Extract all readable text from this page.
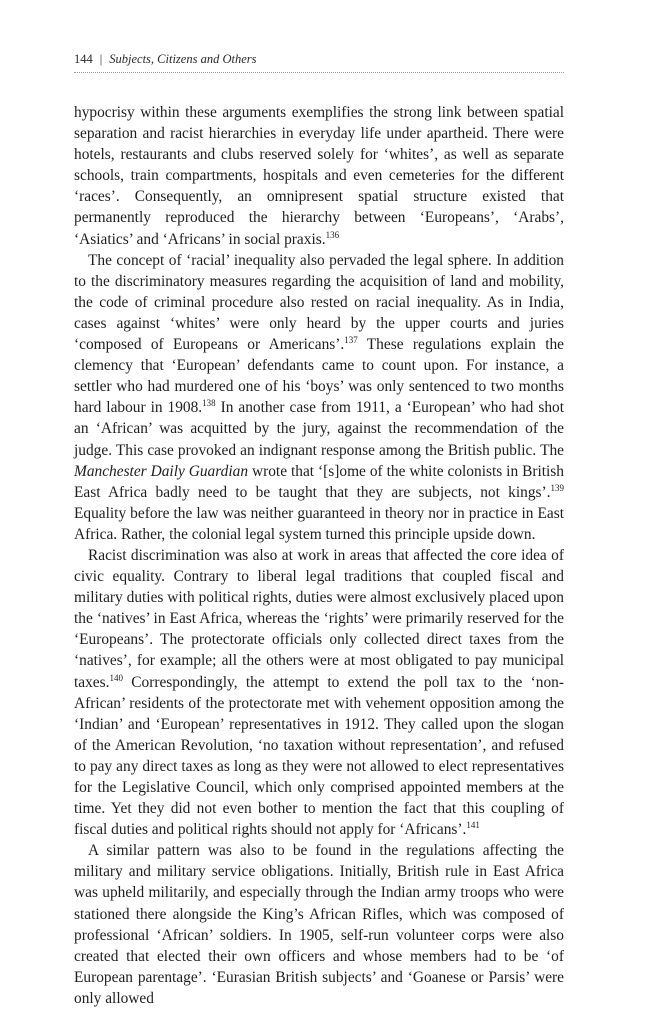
144 | Subjects, Citizens and Others

hypocrisy within these arguments exemplifies the strong link between spatial separation and racist hierarchies in everyday life under apartheid. There were hotels, restaurants and clubs reserved solely for ‘whites’, as well as separate schools, train compartments, hospitals and even cemeteries for the different ‘races’. Consequently, an omnipresent spatial structure existed that permanently reproduced the hierarchy between ‘Europeans’, ‘Arabs’, ‘Asiatics’ and ‘Africans’ in social praxis.$^{136}$

The concept of ‘racial’ inequality also pervaded the legal sphere. In addition to the discriminatory measures regarding the acquisition of land and mobility, the code of criminal procedure also rested on racial inequality. As in India, cases against ‘whites’ were only heard by the upper courts and juries ‘composed of Europeans or Americans’.$^{137}$ These regulations explain the clemency that ‘European’ defendants came to count upon. For instance, a settler who had murdered one of his ‘boys’ was only sentenced to two months hard labour in 1908.$^{138}$ In another case from 1911, a ‘European’ who had shot an ‘African’ was acquitted by the jury, against the recommendation of the judge. This case provoked an indignant response among the British public. The Manchester Daily Guardian wrote that ‘[s]ome of the white colonists in British East Africa badly need to be taught that they are subjects, not kings’.$^{139}$ Equality before the law was neither guaranteed in theory nor in practice in East Africa. Rather, the colonial legal system turned this principle upside down.

Racist discrimination was also at work in areas that affected the core idea of civic equality. Contrary to liberal legal traditions that coupled fiscal and military duties with political rights, duties were almost exclusively placed upon the ‘natives’ in East Africa, whereas the ‘rights’ were primarily reserved for the ‘Europeans’. The protectorate officials only collected direct taxes from the ‘natives’, for example; all the others were at most obligated to pay municipal taxes.$^{140}$ Correspondingly, the attempt to extend the poll tax to the ‘non-African’ residents of the protectorate met with vehement opposition among the ‘Indian’ and ‘European’ representatives in 1912. They called upon the slogan of the American Revolution, ‘no taxation without representation’, and refused to pay any direct taxes as long as they were not allowed to elect representatives for the Legislative Council, which only comprised appointed members at the time. Yet they did not even bother to mention the fact that this coupling of fiscal duties and political rights should not apply for ‘Africans’.$^{141}$

A similar pattern was also to be found in the regulations affecting the military and military service obligations. Initially, British rule in East Africa was upheld militarily, and especially through the Indian army troops who were stationed there alongside the King’s African Rifles, which was composed of professional ‘African’ soldiers. In 1905, self-run volunteer corps were also created that elected their own officers and whose members had to be ‘of European parentage’. ‘Eurasian British subjects’ and ‘Goanese or Parsis’ were only allowed
